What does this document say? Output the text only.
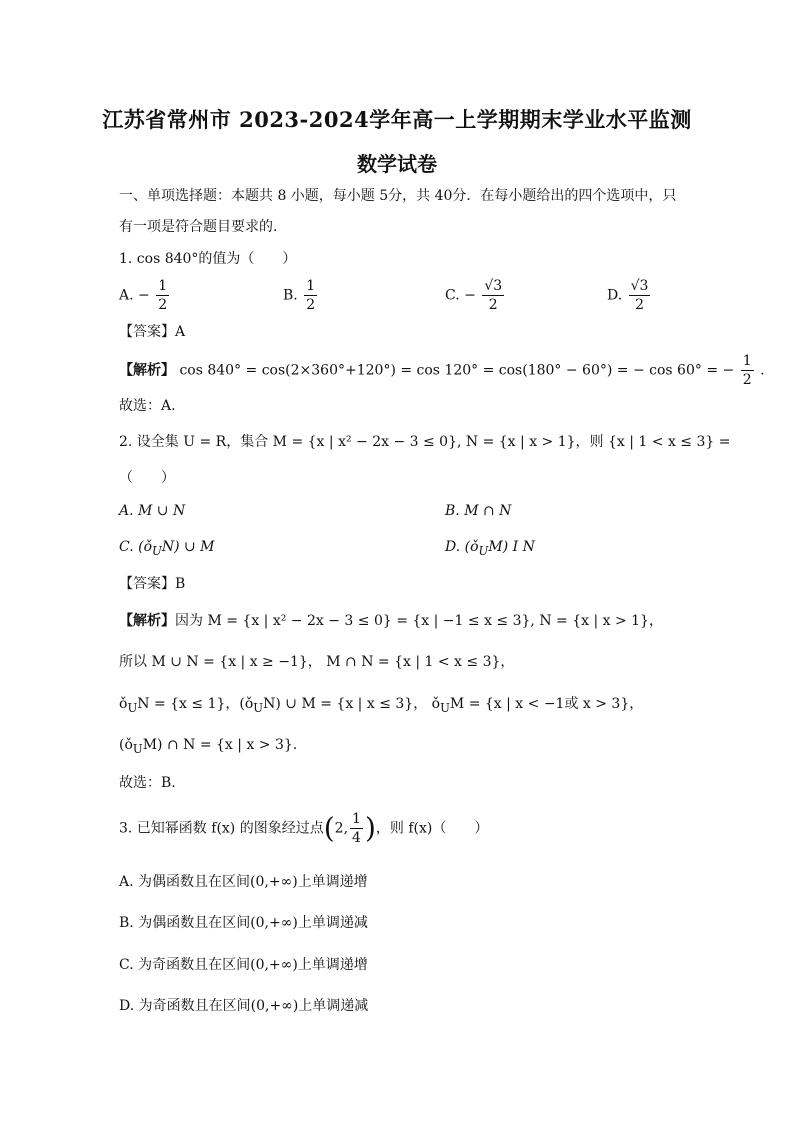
江苏省常州市 2023-2024学年高一上学期期末学业水平监测
数学试卷
一、单项选择题：本题共 8 小题，每小题 5分，共 40分．在每小题给出的四个选项中，只
有一项是符合题目要求的．
1. cos 840°的值为（　　）
A. − $\frac{1}{2}$	B. $\frac{1}{2}$	C. − $\frac{√3}{2}$	D. $\frac{√3}{2}$
【答案】A
【解析】 cos 840° = cos(2×360°+120°) = cos 120° = cos(180° − 60°) = − cos 60° = − $\frac{1}{2}$ .
故选：A.
2. 设全集 U = R，集合 M = {x | x² − 2x − 3 ≤ 0}, N = {x | x > 1}，则 {x | 1 < x ≤ 3} =
（　　）
A. M ∪ N	B. M ∩ N
C. $(ǒ_UN)$ ∪ M	D. $(ǒ_UM)$ I N
【答案】B
【解析】因为 M = {x | x² − 2x − 3 ≤ 0} = {x | −1 ≤ x ≤ 3}, N = {x | x > 1}，
所以 M ∪ N = {x | x ≥ −1}， M ∩ N = {x | 1 < x ≤ 3}，
$ǒ_UN = \{x \le 1\}$，$(ǒ_UN)$ ∪ M = {x | x ≤ 3}， $ǒ_UM = \{x$ | x < −1或 x > 3}，
$(ǒ_UM)$ ∩ N = {x | x > 3}.
故选：B.
3. 已知幂函数 f(x) 的图象经过点(2, $\frac{1}{4}$ )，则 f(x)（　　）
A. 为偶函数且在区间(0,+∞)上单调递增
B. 为偶函数且在区间(0,+∞)上单调递减
C. 为奇函数且在区间(0,+∞)上单调递增
D. 为奇函数且在区间(0,+∞)上单调递减
